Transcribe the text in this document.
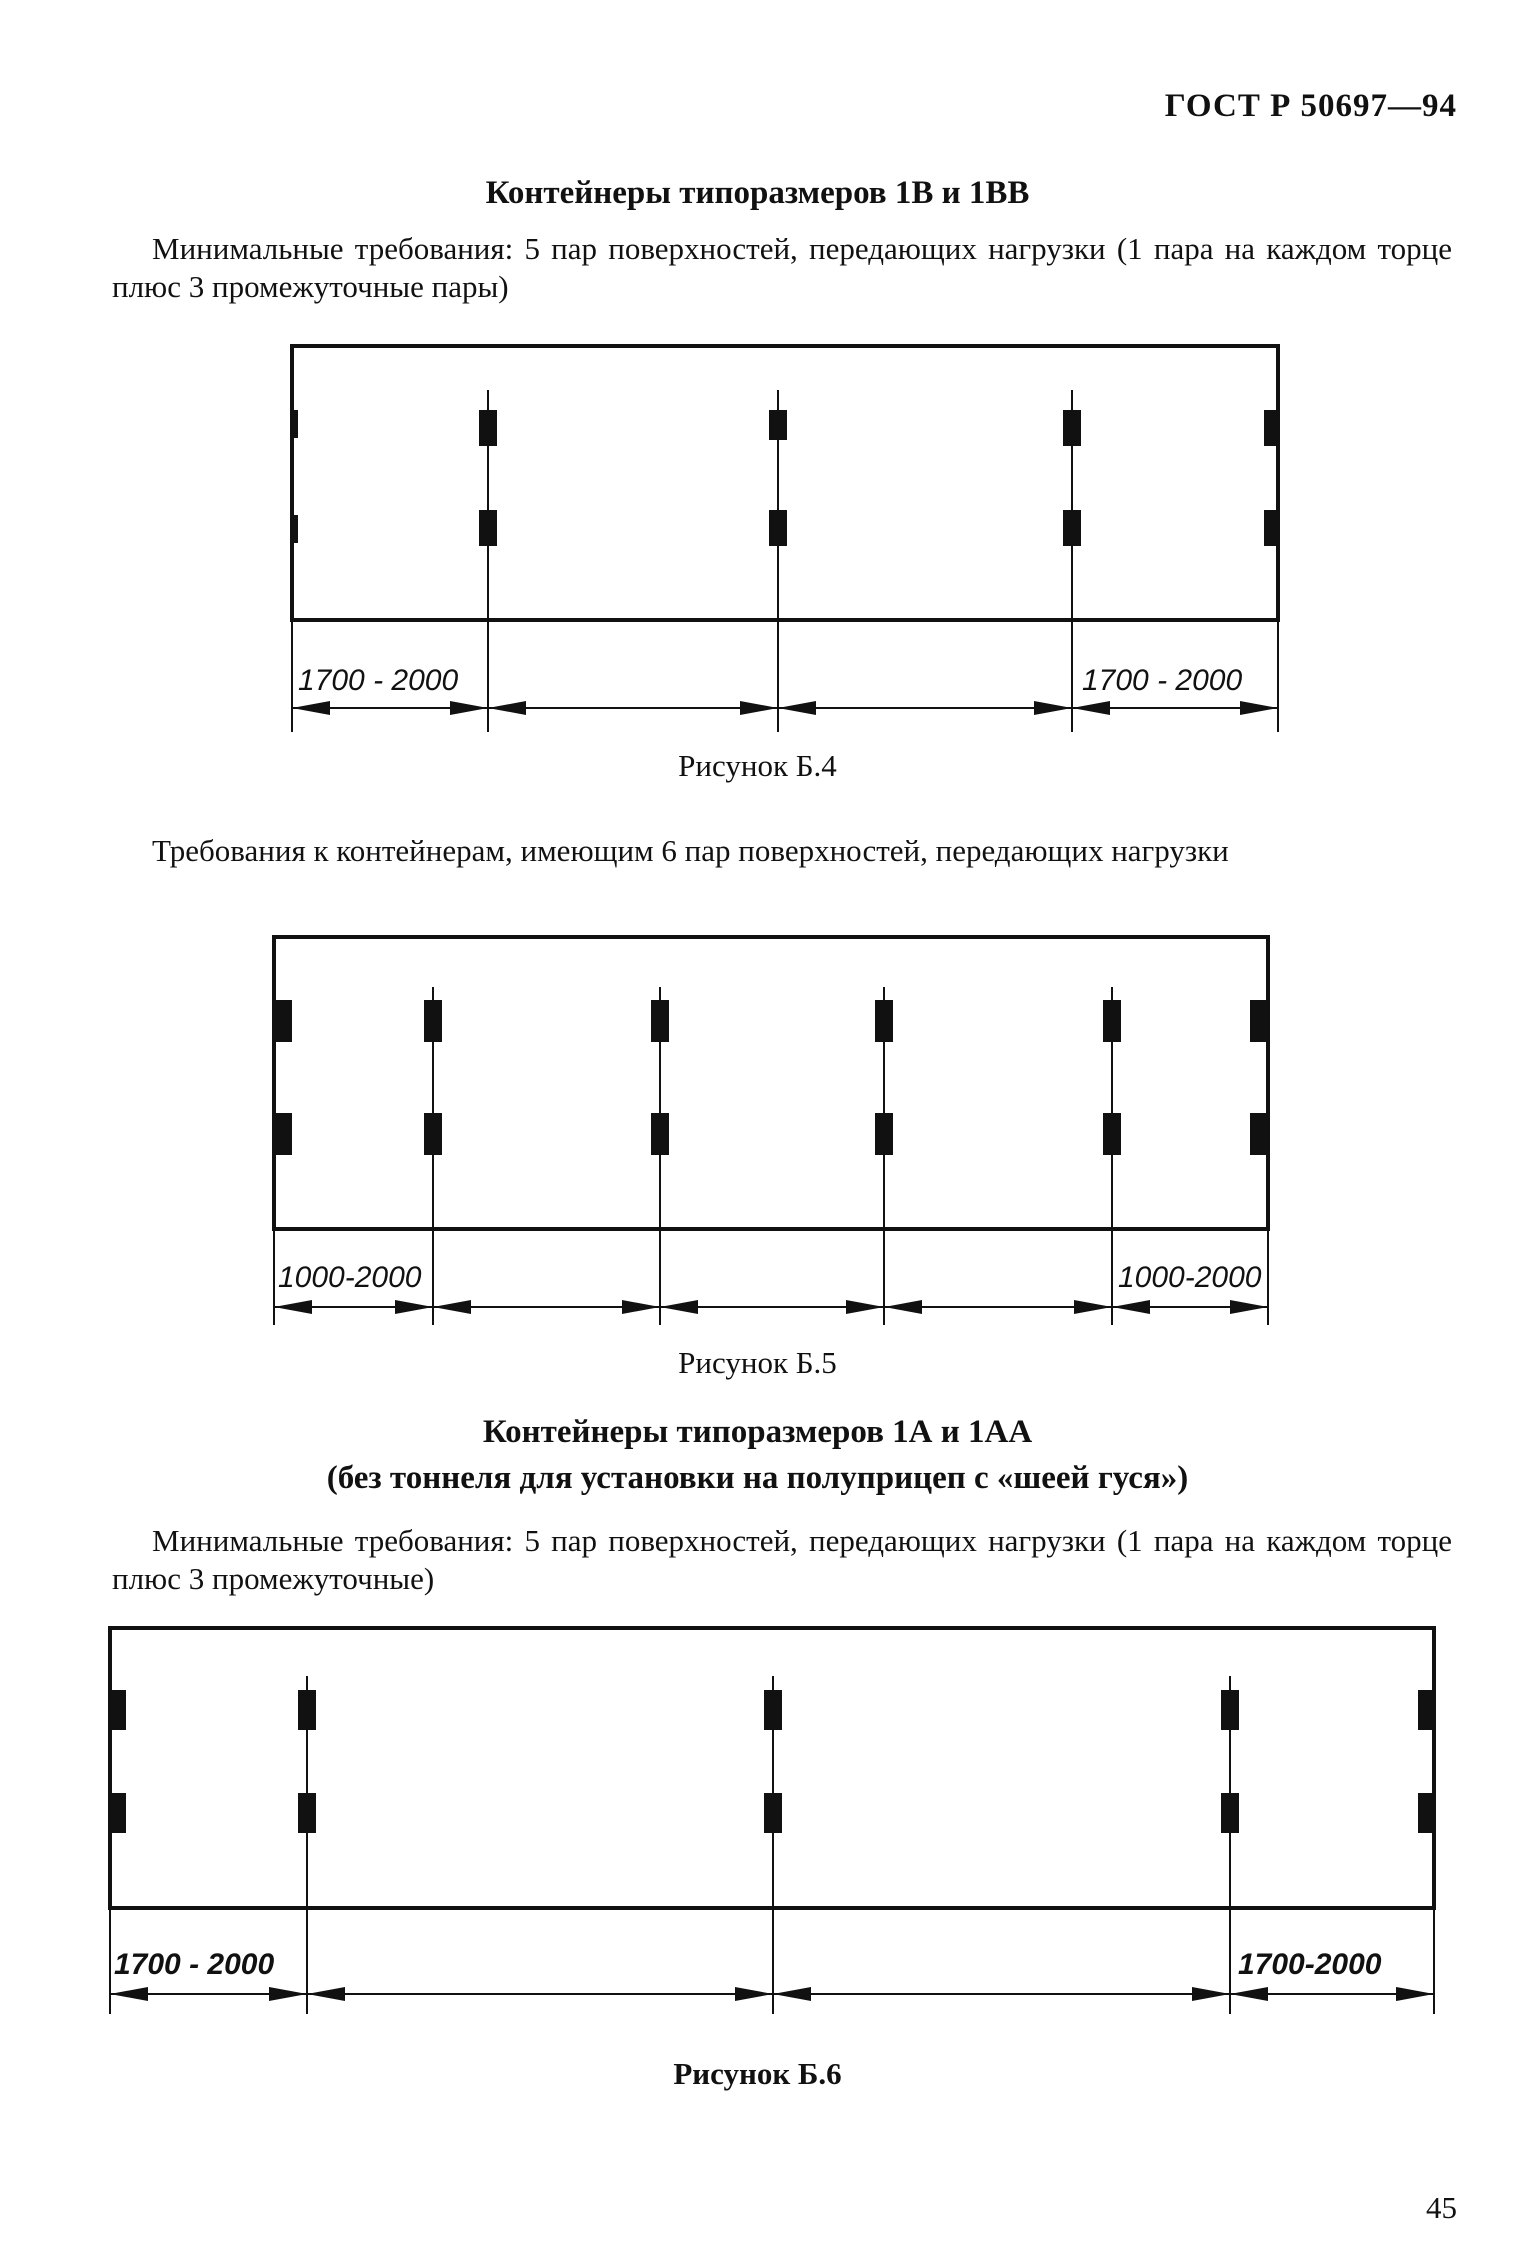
ГОСТ Р 50697—94
Контейнеры типоразмеров 1В и 1ВВ
Минимальные требования: 5 пар поверхностей, передающих нагрузки (1 пара на каждом торце плюс 3 промежуточные пары)
1700 - 2000	1700 - 2000
Рисунок Б.4
Требования к контейнерам, имеющим 6 пар поверхностей, передающих нагрузки
1000-2000	1000-2000
Рисунок Б.5
Контейнеры типоразмеров 1А и 1АА
(без тоннеля для установки на полуприцеп с «шеей гуся»)
Минимальные требования: 5 пар поверхностей, передающих нагрузки (1 пара на каждом торце плюс 3 промежуточные)
1700 - 2000	1700-2000
Рисунок Б.6
45
